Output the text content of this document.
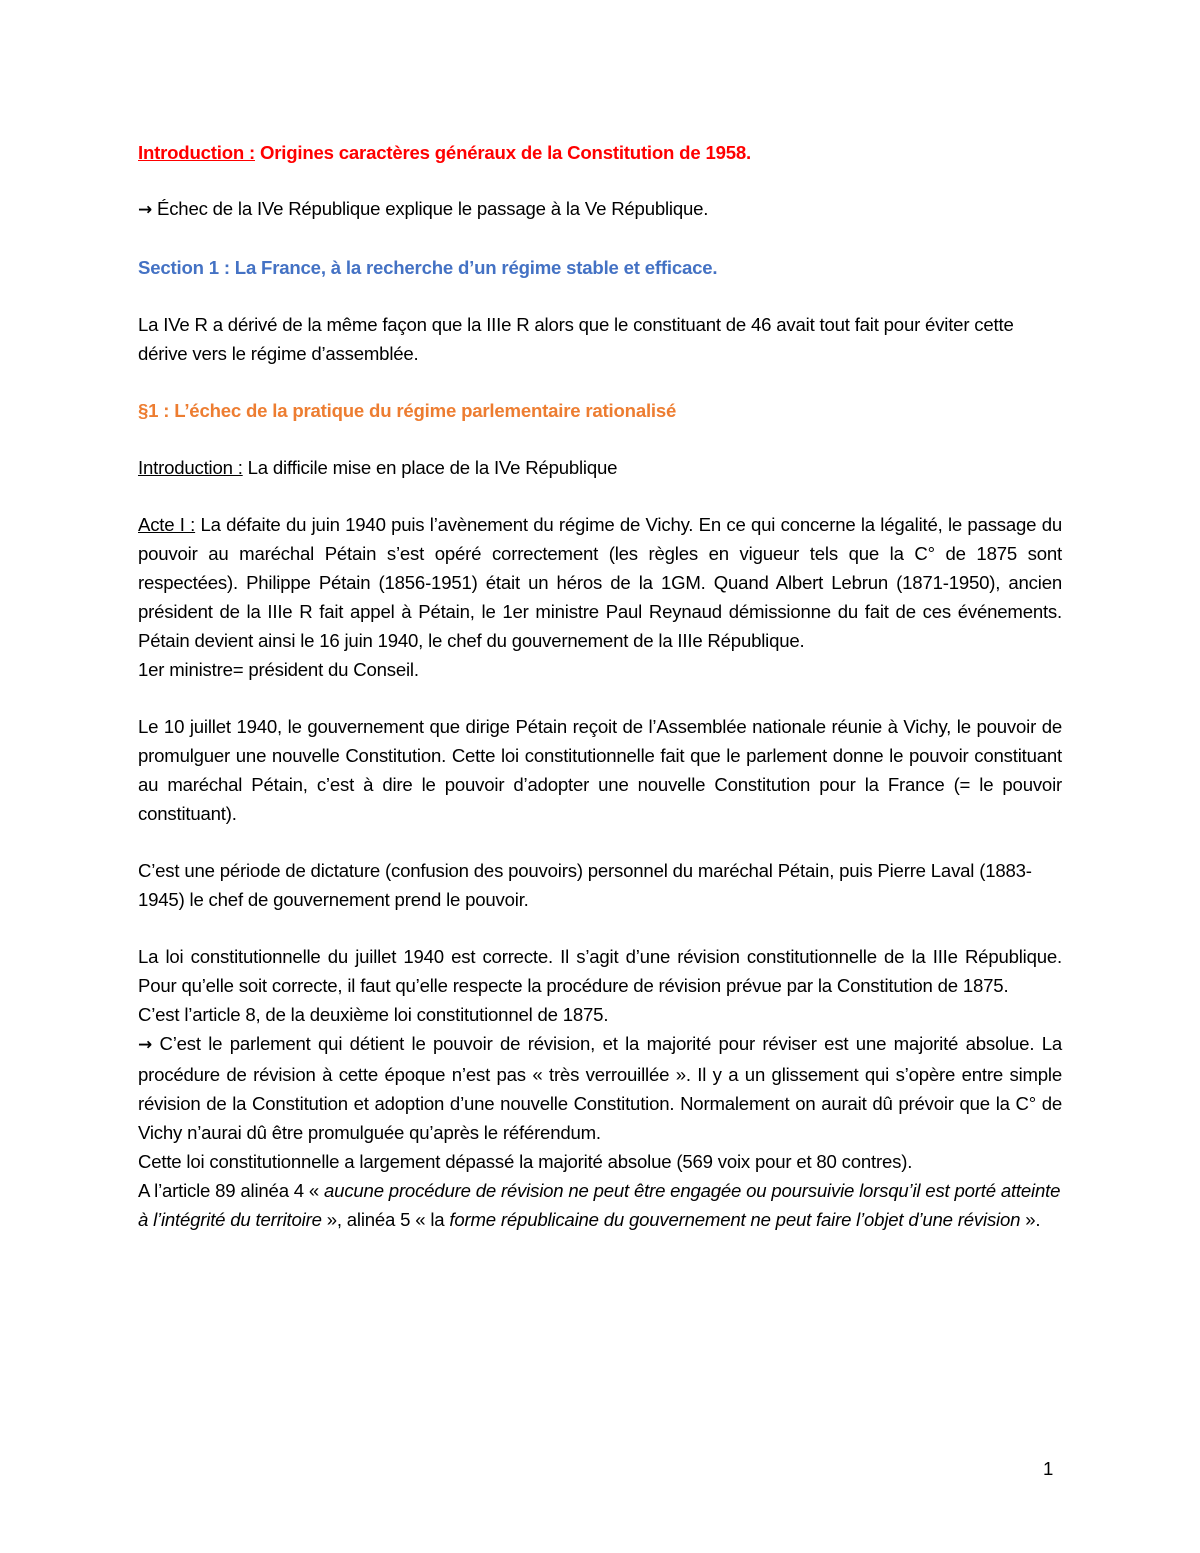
Introduction : Origines caractères généraux de la Constitution de 1958.

→ Échec de la IVe République explique le passage à la Ve République.

Section 1 : La France, à la recherche d’un régime stable et efficace.

La IVe R a dérivé de la même façon que la IIIe R alors que le constituant de 46 avait tout fait pour éviter cette dérive vers le régime d’assemblée.

§1 : L’échec de la pratique du régime parlementaire rationalisé

Introduction : La difficile mise en place de la IVe République

Acte I : La défaite du juin 1940 puis l’avènement du régime de Vichy. En ce qui concerne la légalité, le passage du pouvoir au maréchal Pétain s’est opéré correctement (les règles en vigueur tels que la C° de 1875 sont respectées). Philippe Pétain (1856-1951) était un héros de la 1GM. Quand Albert Lebrun (1871-1950), ancien président de la IIIe R fait appel à Pétain, le 1er ministre Paul Reynaud démissionne du fait de ces événements. Pétain devient ainsi le 16 juin 1940, le chef du gouvernement de la IIIe République.

1er ministre= président du Conseil.

Le 10 juillet 1940, le gouvernement que dirige Pétain reçoit de l’Assemblée nationale réunie à Vichy, le pouvoir de promulguer une nouvelle Constitution. Cette loi constitutionnelle fait que le parlement donne le pouvoir constituant au maréchal Pétain, c’est à dire le pouvoir d’adopter une nouvelle Constitution pour la France (= le pouvoir constituant).

C’est une période de dictature (confusion des pouvoirs) personnel du maréchal Pétain, puis Pierre Laval (1883-1945) le chef de gouvernement prend le pouvoir.

La loi constitutionnelle du juillet 1940 est correcte. Il s’agit d’une révision constitutionnelle de la IIIe République. Pour qu’elle soit correcte, il faut qu’elle respecte la procédure de révision prévue par la Constitution de 1875.

C’est l’article 8, de la deuxième loi constitutionnel de 1875.

→ C’est le parlement qui détient le pouvoir de révision, et la majorité pour réviser est une majorité absolue. La procédure de révision à cette époque n’est pas « très verrouillée ». Il y a un glissement qui s’opère entre simple révision de la Constitution et adoption d’une nouvelle Constitution. Normalement on aurait dû prévoir que la C° de Vichy n’aurai dû être promulguée qu’après le référendum.

Cette loi constitutionnelle a largement dépassé la majorité absolue (569 voix pour et 80 contres).

A l’article 89 alinéa 4 « aucune procédure de révision ne peut être engagée ou poursuivie lorsqu’il est porté atteinte à l’intégrité du territoire », alinéa 5 « la forme républicaine du gouvernement ne peut faire l’objet d’une révision ».

1
